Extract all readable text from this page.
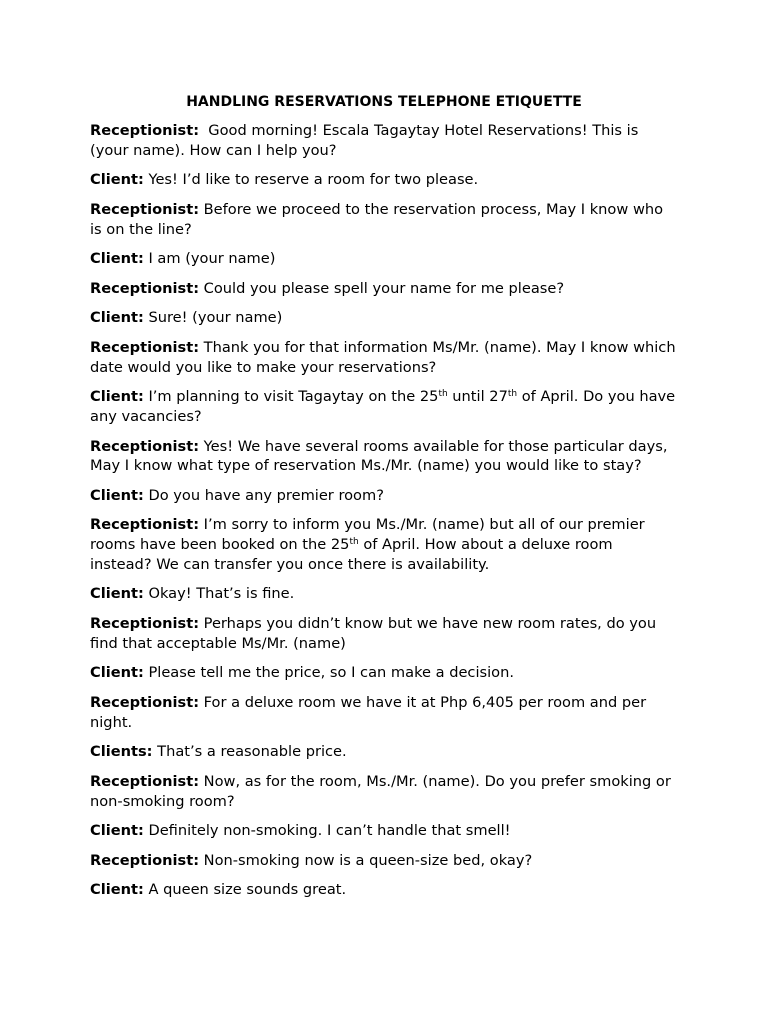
HANDLING RESERVATIONS TELEPHONE ETIQUETTE

Receptionist:  Good morning! Escala Tagaytay Hotel Reservations! This is (your name). How can I help you?

Client: Yes! I’d like to reserve a room for two please.

Receptionist: Before we proceed to the reservation process, May I know who is on the line?

Client: I am (your name)

Receptionist: Could you please spell your name for me please?

Client: Sure! (your name)

Receptionist: Thank you for that information Ms/Mr. (name). May I know which date would you like to make your reservations?

Client: I’m planning to visit Tagaytay on the 25th until 27th of April. Do you have any vacancies?

Receptionist: Yes! We have several rooms available for those particular days, May I know what type of reservation Ms./Mr. (name) you would like to stay?

Client: Do you have any premier room?

Receptionist: I’m sorry to inform you Ms./Mr. (name) but all of our premier rooms have been booked on the 25th of April. How about a deluxe room instead? We can transfer you once there is availability.

Client: Okay! That’s is fine.

Receptionist: Perhaps you didn’t know but we have new room rates, do you find that acceptable Ms/Mr. (name)

Client: Please tell me the price, so I can make a decision.

Receptionist: For a deluxe room we have it at Php 6,405 per room and per night.

Clients: That’s a reasonable price.

Receptionist: Now, as for the room, Ms./Mr. (name). Do you prefer smoking or non-smoking room?

Client: Definitely non-smoking. I can’t handle that smell!

Receptionist: Non-smoking now is a queen-size bed, okay?

Client: A queen size sounds great.
